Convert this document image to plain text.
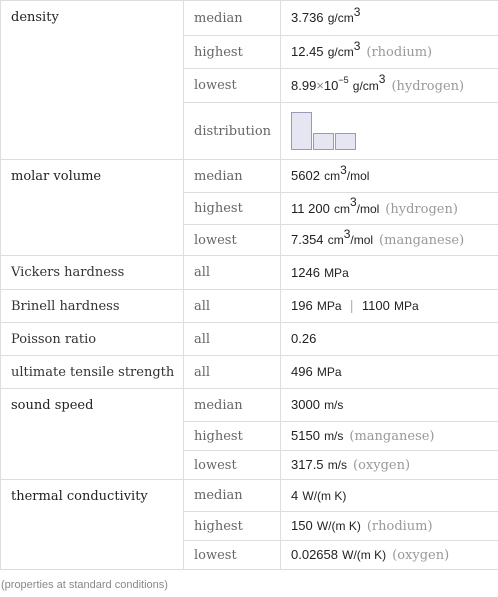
density	median	3.736 $g/cm^3$
	highest	12.45 $g/cm^3$ (rhodium)
	lowest	$8.99\times 10^{-5}$ $g/cm^3$ (hydrogen)
	distribution	

molar volume	median	5602 $cm^3$/mol
	highest	11 200 $cm^3$/mol (hydrogen)
	lowest	7.354 $cm^3$/mol (manganese)
Vickers hardness	all	1246 MPa
Brinell hardness	all	196 MPa | 1100 MPa
Poisson ratio	all	0.26
ultimate tensile strength	all	496 MPa
sound speed	median	3000 m/s
	highest	5150 m/s (manganese)
	lowest	317.5 m/s (oxygen)
thermal conductivity	median	4 W/(m K)
	highest	150 W/(m K) (rhodium)
	lowest	0.02658 W/(m K) (oxygen)
(properties at standard conditions)
